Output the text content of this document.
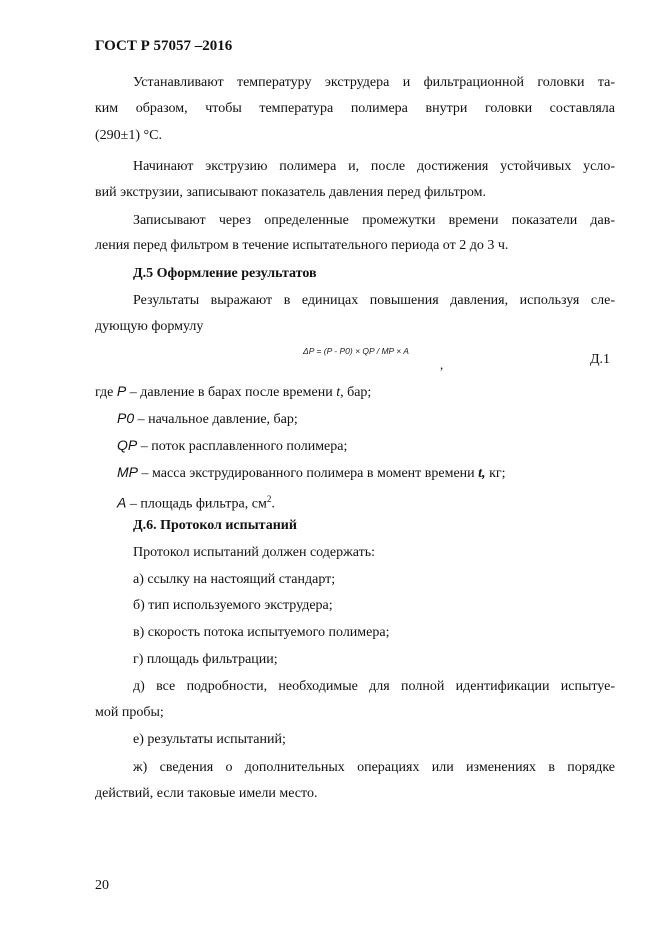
ГОСТ Р 57057 –2016
Устанавливают температуру экструдера и фильтрационной головки та-
ким образом, чтобы температура полимера внутри головки составляла
(290±1) °С.
Начинают экструзию полимера и, после достижения устойчивых усло-
вий экструзии, записывают показатель давления перед фильтром.
Записывают через определенные промежутки времени показатели дав-
ления перед фильтром в течение испытательного периода от 2 до 3 ч.
Д.5 Оформление результатов
Результаты выражают в единицах повышения давления, используя сле-
дующую формулу
ΔP = (P - P0) × QP / MP × A
,	Д.1
где P – давление в барах после времени t, бар;
P0 – начальное давление, бар;
QP – поток расплавленного полимера;
MP – масса экструдированного полимера в момент времени t, кг;
A – площадь фильтра, $см^2$.
Д.6. Протокол испытаний
Протокол испытаний должен содержать:
а) ссылку на настоящий стандарт;
б) тип используемого экструдера;
в) скорость потока испытуемого полимера;
г) площадь фильтрации;
д) все подробности, необходимые для полной идентификации испытуе-
мой пробы;
е) результаты испытаний;
ж) сведения о дополнительных операциях или изменениях в порядке
действий, если таковые имели место.
20
